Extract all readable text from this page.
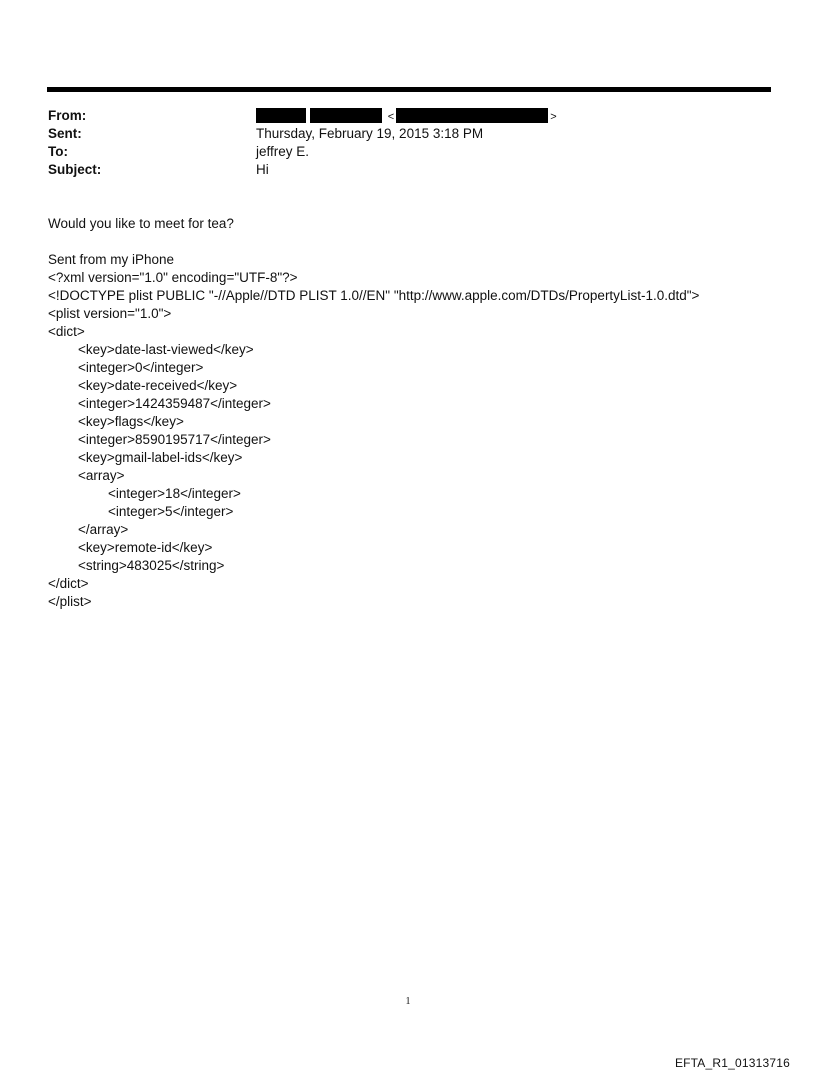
From:	<	>
Sent:	Thursday, February 19, 2015 3:18 PM
To:	jeffrey E.
Subject:	Hi
Would you like to meet for tea?
Sent from my iPhone
<?xml version="1.0" encoding="UTF-8"?>
<!DOCTYPE plist PUBLIC "-//Apple//DTD PLIST 1.0//EN" "http://www.apple.com/DTDs/PropertyList-1.0.dtd">
<plist version="1.0">
<dict>
<key>date-last-viewed</key>
<integer>0</integer>
<key>date-received</key>
<integer>1424359487</integer>
<key>flags</key>
<integer>8590195717</integer>
<key>gmail-label-ids</key>
<array>
<integer>18</integer>
<integer>5</integer>
</array>
<key>remote-id</key>
<string>483025</string>
</dict>
</plist>
1
EFTA_R1_01313716
